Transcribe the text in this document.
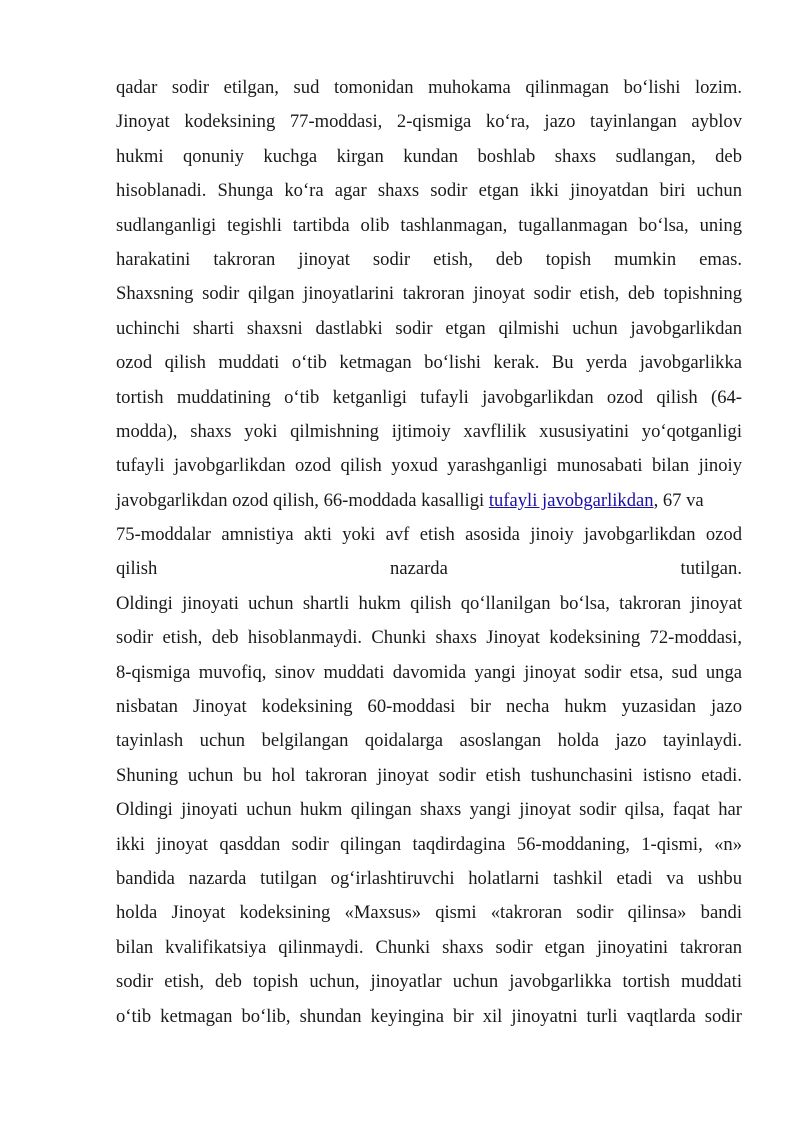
qadar sodir etilgan, sud tomonidan muhokama qilinmagan bo‘lishi lozim.
Jinoyat kodeksining 77-moddasi, 2-qismiga ko‘ra, jazo tayinlangan ayblov
hukmi qonuniy kuchga kirgan kundan boshlab shaxs sudlangan, deb
hisoblanadi. Shunga ko‘ra agar shaxs sodir etgan ikki jinoyatdan biri uchun
sudlanganligi tegishli tartibda olib tashlanmagan, tugallanmagan bo‘lsa, uning
harakatini takroran jinoyat sodir etish, deb topish mumkin emas.
Shaxsning sodir qilgan jinoyatlarini takroran jinoyat sodir etish, deb topishning
uchinchi sharti shaxsni dastlabki sodir etgan qilmishi uchun javobgarlikdan
ozod qilish muddati o‘tib ketmagan bo‘lishi kerak. Bu yerda javobgarlikka
tortish muddatining o‘tib ketganligi tufayli javobgarlikdan ozod qilish (64-
modda), shaxs yoki qilmishning ijtimoiy xavflilik xususiyatini yo‘qotganligi
tufayli javobgarlikdan ozod qilish yoxud yarashganligi munosabati bilan jinoiy
javobgarlikdan ozod qilish, 66-moddada kasalligi tufayli javobgarlikdan, 67 va
75-moddalar amnistiya akti yoki avf etish asosida jinoiy javobgarlikdan ozod
qilish nazarda tutilgan.
Oldingi jinoyati uchun shartli hukm qilish qo‘llanilgan bo‘lsa, takroran jinoyat
sodir etish, deb hisoblanmaydi. Chunki shaxs Jinoyat kodeksining 72-moddasi,
8-qismiga muvofiq, sinov muddati davomida yangi jinoyat sodir etsa, sud unga
nisbatan Jinoyat kodeksining 60-moddasi bir necha hukm yuzasidan jazo
tayinlash uchun belgilangan qoidalarga asoslangan holda jazo tayinlaydi.
Shuning uchun bu hol takroran jinoyat sodir etish tushunchasini istisno etadi.
Oldingi jinoyati uchun hukm qilingan shaxs yangi jinoyat sodir qilsa, faqat har
ikki jinoyat qasddan sodir qilingan taqdirdagina 56-moddaning, 1-qismi, «n»
bandida nazarda tutilgan og‘irlashtiruvchi holatlarni tashkil etadi va ushbu
holda Jinoyat kodeksining «Maxsus» qismi «takroran sodir qilinsa» bandi
bilan kvalifikatsiya qilinmaydi. Chunki shaxs sodir etgan jinoyatini takroran
sodir etish, deb topish uchun, jinoyatlar uchun javobgarlikka tortish muddati
o‘tib ketmagan bo‘lib, shundan keyingina bir xil jinoyatni turli vaqtlarda sodir
